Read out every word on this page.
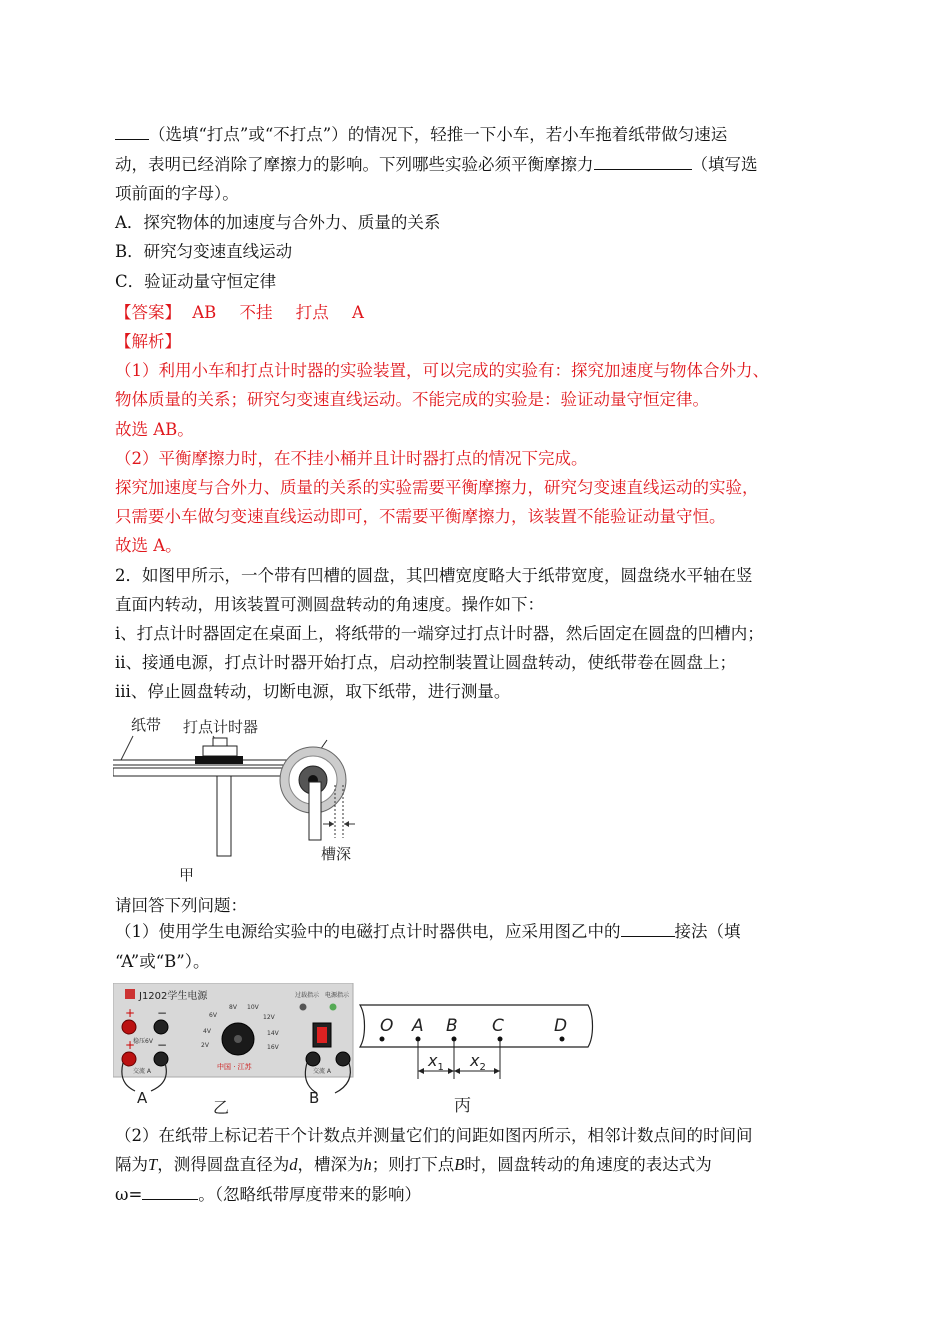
（选填“打点”或“不打点”）的情况下，轻推一下小车，若小车拖着纸带做匀速运
动，表明已经消除了摩擦力的影响。下列哪些实验必须平衡摩擦力	（填写选
项前面的字母）。
A．探究物体的加速度与合外力、质量的关系
B．研究匀变速直线运动
C．验证动量守恒定律
【答案】 AB 不挂 打点 A
【解析】
（1）利用小车和打点计时器的实验装置，可以完成的实验有：探究加速度与物体合外力、
物体质量的关系；研究匀变速直线运动。不能完成的实验是：验证动量守恒定律。
故选 AB。
（2）平衡摩擦力时，在不挂小桶并且计时器打点的情况下完成。
探究加速度与合外力、质量的关系的实验需要平衡摩擦力，研究匀变速直线运动的实验，
只需要小车做匀变速直线运动即可，不需要平衡摩擦力，该装置不能验证动量守恒。
故选 A。
2．如图甲所示，一个带有凹槽的圆盘，其凹槽宽度略大于纸带宽度，圆盘绕水平轴在竖
直面内转动，用该装置可测圆盘转动的角速度。操作如下：
i、打点计时器固定在桌面上，将纸带的一端穿过打点计时器，然后固定在圆盘的凹槽内；
ii、接通电源，打点计时器开始打点，启动控制装置让圆盘转动，使纸带卷在圆盘上；
iii、停止圆盘转动，切断电源，取下纸带，进行测量。
纸带 打点计时器
槽深
甲
请回答下列问题：
（1）使用学生电源给实验中的电磁打点计时器供电，应采用图乙中的	接法（填
“A”或“B”）。
J1202学生电源	过载指示 电源指示
+ −
稳压6V
+ −
交流 A
6V
8V 10V
12V
4V	14V
2V	16V
中国 · 江苏
交流 A
A	B
乙
O A B C	D
$x_1$ $x_2$
丙
（2）在纸带上标记若干个计数点并测量它们的间距如图丙所示，相邻计数点间的时间间
隔为T，测得圆盘直径为d，槽深为h；则打下点B时，圆盘转动的角速度的表达式为
ω=	。（忽略纸带厚度带来的影响）
